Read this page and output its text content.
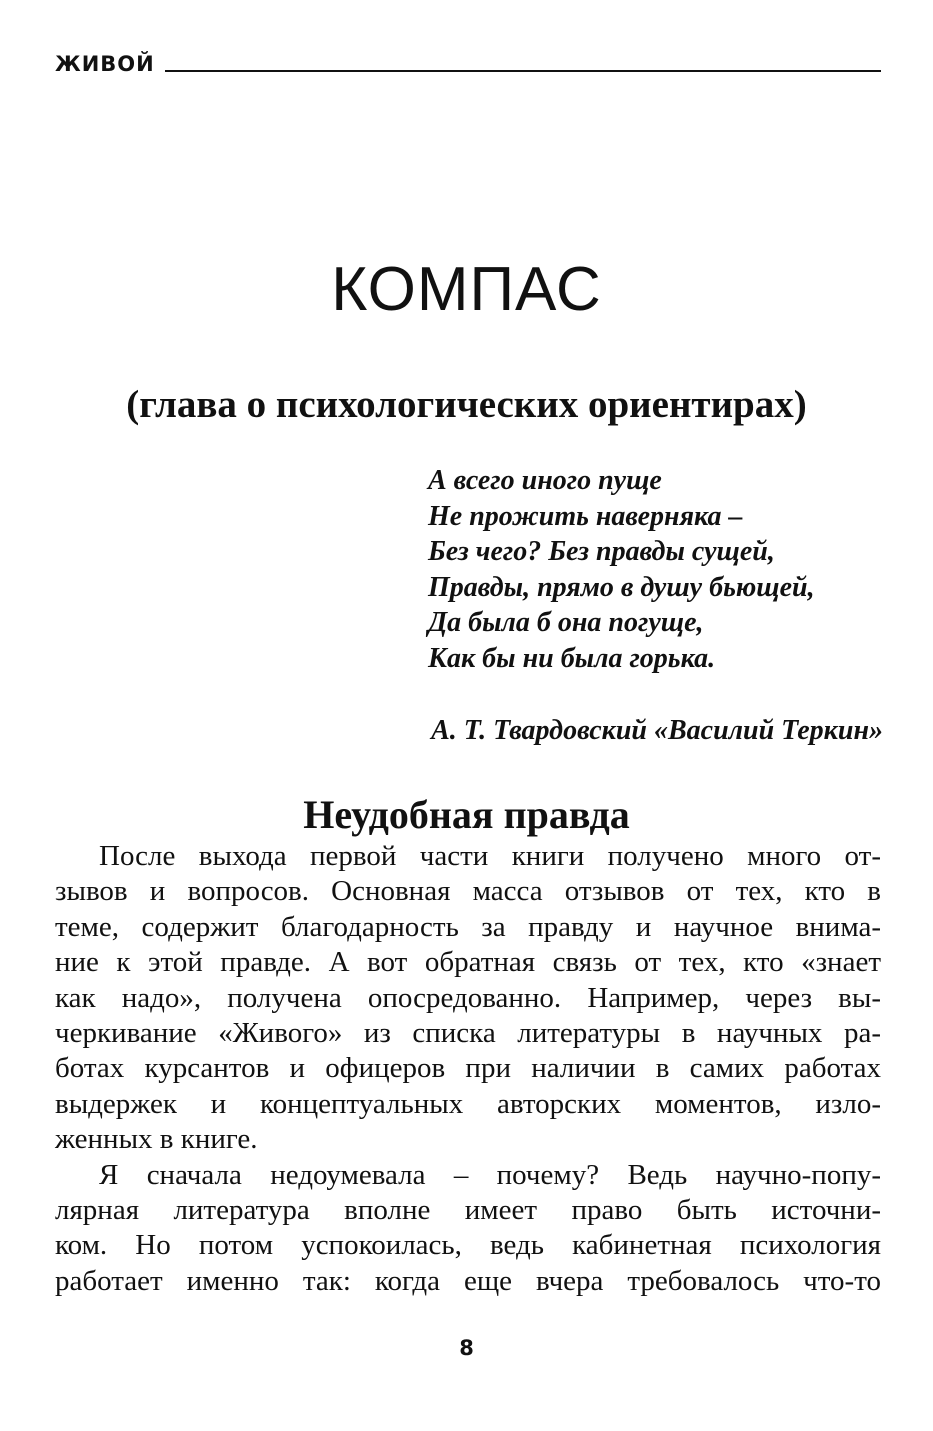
ЖИВОЙ
КОМПАС
(глава о психологических ориентирах)
А всего иного пуще
Не прожить наверняка –
Без чего? Без правды сущей,
Правды, прямо в душу бьющей,
Да была б она погуще,
Как бы ни была горька.
А. Т. Твардовский «Василий Теркин»
Неудобная правда

После выхода первой части книги получено много от-
зывов и вопросов. Основная масса отзывов от тех, кто в
теме, содержит благодарность за правду и научное внима-
ние к этой правде. А вот обратная связь от тех, кто «знает
как надо», получена опосредованно. Например, через вы-
черкивание «Живого» из списка литературы в научных ра-
ботах курсантов и офицеров при наличии в самих работах
выдержек и концептуальных авторских моментов, изло-
женных в книге.

Я сначала недоумевала – почему? Ведь научно-попу-
лярная литература вполне имеет право быть источни-
ком. Но потом успокоилась, ведь кабинетная психология
работает именно так: когда еще вчера требовалось что-то

8
